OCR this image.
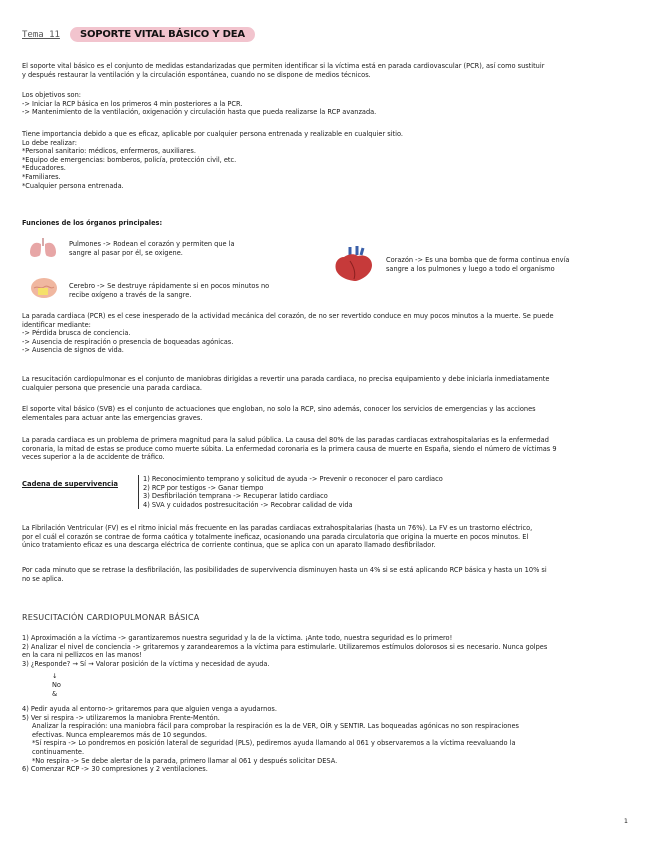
Tema 11	SOPORTE VITAL BÁSICO Y DEA

El soporte vital básico es el conjunto de medidas estandarizadas que permiten identificar si la víctima está en parada cardiovascular (PCR), así como sustituir

y después restaurar la ventilación y la circulación espontánea, cuando no se dispone de medios técnicos.

Los objetivos son:

-> Iniciar la RCP básica en los primeros 4 min posteriores a la PCR.

-> Mantenimiento de la ventilación, oxigenación y circulación hasta que pueda realizarse la RCP avanzada.

Tiene importancia debido a que es eficaz, aplicable por cualquier persona entrenada y realizable en cualquier sitio.

Lo debe realizar:

*Personal sanitario: médicos, enfermeros, auxiliares.

*Equipo de emergencias: bomberos, policía, protección civil, etc.

*Educadores.

*Familiares.

*Cualquier persona entrenada.

Funciones de los órganos principales:

Pulmones -> Rodean el corazón y permiten que la

sangre al pasar por él, se oxigene.

Corazón -> Es una bomba que de forma continua envía

sangre a los pulmones y luego a todo el organismo

Cerebro -> Se destruye rápidamente si en pocos minutos no

recibe oxígeno a través de la sangre.

La parada cardiaca (PCR) es el cese inesperado de la actividad mecánica del corazón, de no ser revertido conduce en muy pocos minutos a la muerte. Se puede

identificar mediante:

-> Pérdida brusca de conciencia.

-> Ausencia de respiración o presencia de boqueadas agónicas.

-> Ausencia de signos de vida.

La resucitación cardiopulmonar es el conjunto de maniobras dirigidas a revertir una parada cardiaca, no precisa equipamiento y debe iniciarla inmediatamente

cualquier persona que presencie una parada cardiaca.

El soporte vital básico (SVB) es el conjunto de actuaciones que engloban, no solo la RCP, sino además, conocer los servicios de emergencias y las acciones

elementales para actuar ante las emergencias graves.

La parada cardiaca es un problema de primera magnitud para la salud pública. La causa del 80% de las paradas cardiacas extrahospitalarias es la enfermedad

coronaria, la mitad de estas se produce como muerte súbita. La enfermedad coronaria es la primera causa de muerte en España, siendo el número de víctimas 9

veces superior a la de accidente de tráfico.

Cadena de supervivencia

1) Reconocimiento temprano y solicitud de ayuda -> Prevenir o reconocer el paro cardiaco

2) RCP por testigos -> Ganar tiempo

3) Desfibrilación temprana -> Recuperar latido cardiaco

4) SVA y cuidados postresucitación -> Recobrar calidad de vida

La Fibrilación Ventricular (FV) es el ritmo inicial más frecuente en las paradas cardiacas extrahospitalarias (hasta un 76%). La FV es un trastorno eléctrico,

por el cuál el corazón se contrae de forma caótica y totalmente ineficaz, ocasionando una parada circulatoria que origina la muerte en pocos minutos. El

único tratamiento eficaz es una descarga eléctrica de corriente continua, que se aplica con un aparato llamado desfibrilador.

Por cada minuto que se retrase la desfibrilación, las posibilidades de supervivencia disminuyen hasta un 4% si se está aplicando RCP básica y hasta un 10% si

no se aplica.

RESUCITACIÓN CARDIOPULMONAR BÁSICA

1) Aproximación a la víctima -> garantizaremos nuestra seguridad y la de la víctima. ¡Ante todo, nuestra seguridad es lo primero!

2) Analizar el nivel de conciencia -> gritaremos y zarandearemos a la víctima para estimularle. Utilizaremos estímulos dolorosos si es necesario. Nunca golpes

en la cara ni pellizcos en las manos!

3) ¿Responde? → Sí → Valorar posición de la víctima y necesidad de ayuda.

↓

No

&

4) Pedir ayuda al entorno-> gritaremos para que alguien venga a ayudarnos.

5) Ver si respira -> utilizaremos la maniobra Frente-Mentón.

Analizar la respiración: una maniobra fácil para comprobar la respiración es la de VER, OÍR y SENTIR. Las boqueadas agónicas no son respiraciones

efectivas. Nunca emplearemos más de 10 segundos.

*Sí respira -> Lo pondremos en posición lateral de seguridad (PLS), pediremos ayuda llamando al 061 y observaremos a la víctima reevaluando la

continuamente.

*No respira -> Se debe alertar de la parada, primero llamar al 061 y después solicitar DESA.

6) Comenzar RCP -> 30 compresiones y 2 ventilaciones.

1
